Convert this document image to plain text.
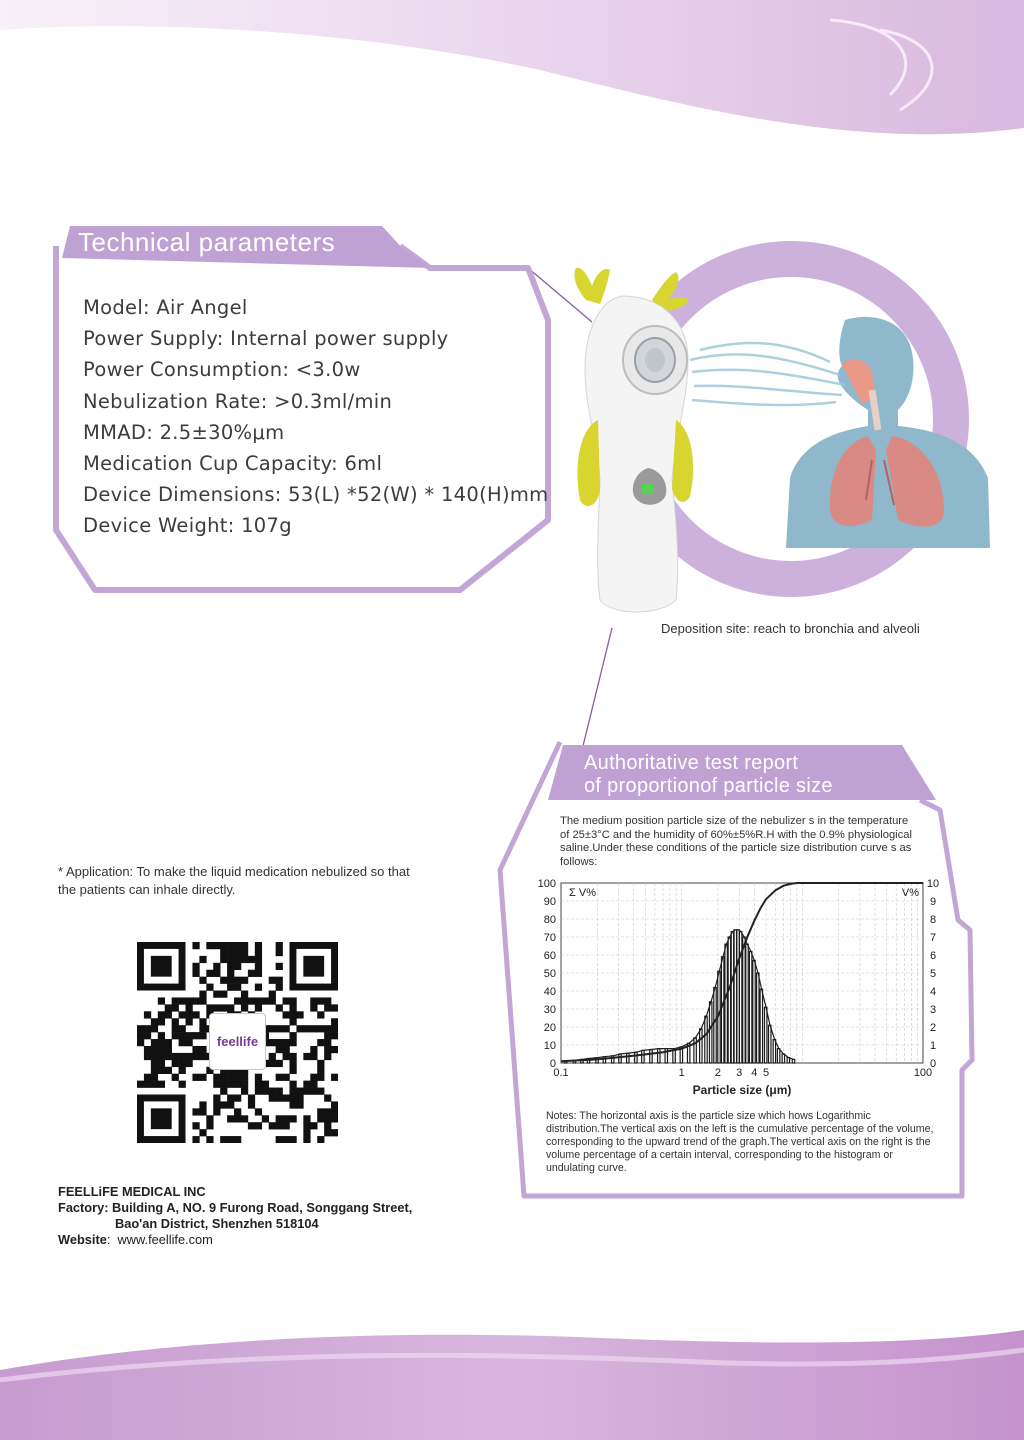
Technical parameters
Model: Air Angel
Power Supply: Internal power supply
Power Consumption: <3.0w
Nebulization Rate: >0.3ml/min
MMAD: 2.5±30%μm
Medication Cup Capacity: 6ml
Device Dimensions: 53(L) *52(W) * 140(H)mm
Device Weight: 107g
Deposition site: reach to bronchia and alveoli
Authoritative test report
of proportionof particle size
The medium position particle size of the nebulizer s in the temperature of 25±3°C and the humidity of 60%±5%R.H with the 0.9% physiological saline.Under these conditions of the particle size distribution curve s as follows:
0
10
20
30
40
50
60
70
80
90
100
0
1
2
3
4
5
6
7
8
9
10
0.1	1	2 3 4 5	100
Σ V%	V%
Particle size (μm)
Notes: The horizontal axis is the particle size which hows Logarithmic distribution.The vertical axis on the left is the cumulative percentage of the volume, corresponding to the upward trend of the graph.The vertical axis on the right is the volume percentage of a certain interval, corresponding to the histogram or undulating curve.
* Application: To make the liquid medication nebulized so that the patients can inhale directly.
feellife
FEELLiFE MEDICAL INC
Factory: Building A, NO. 9 Furong Road, Songgang Street,
Bao'an District, Shenzhen 518104
Website: www.feellife.com
